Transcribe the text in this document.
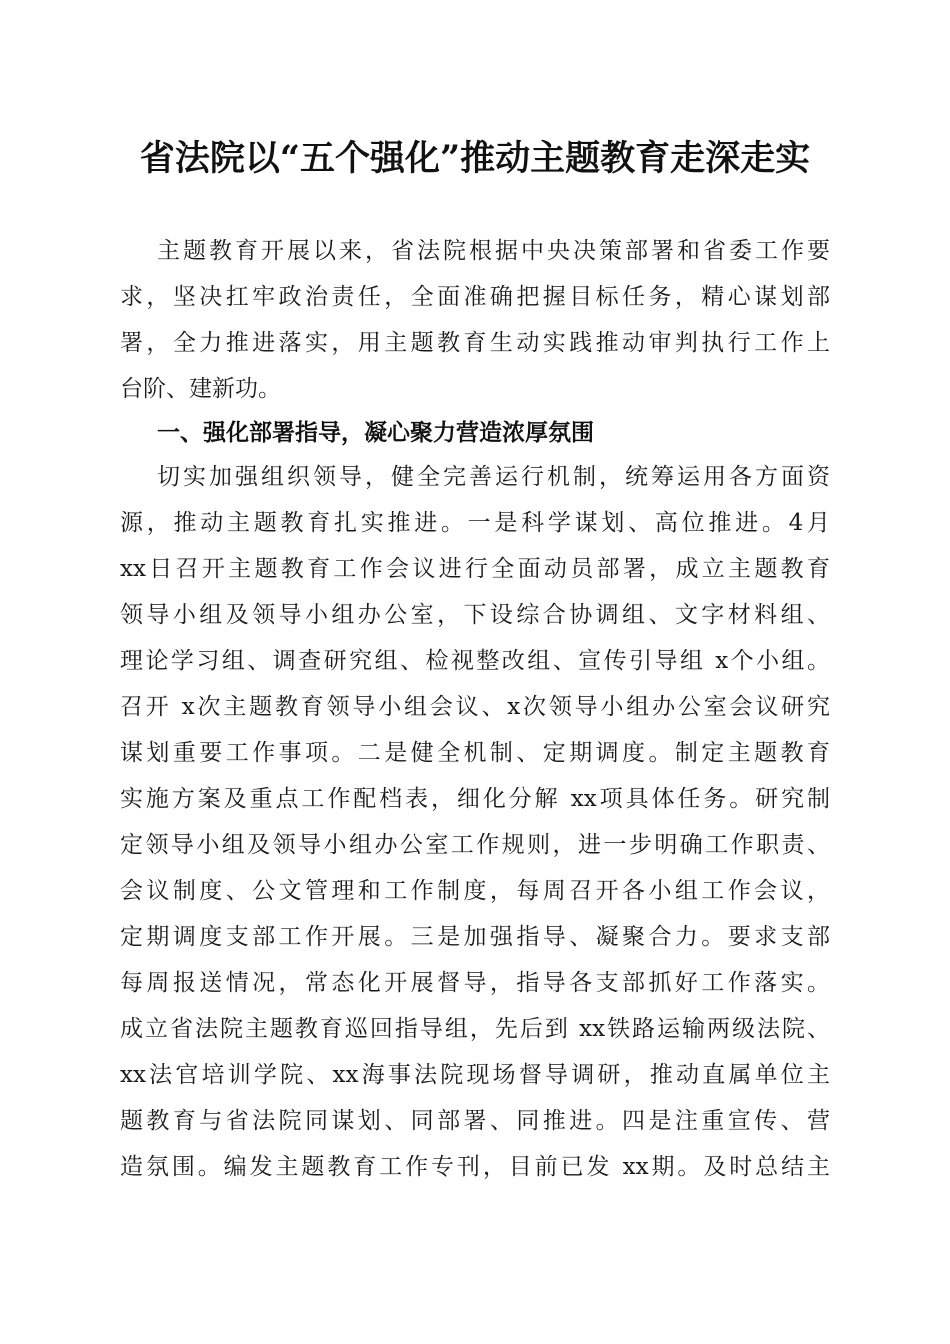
省法院以“五个强化”推动主题教育走深走实
主题教育开展以来，省法院根据中央决策部署和省委工作要
求，坚决扛牢政治责任，全面准确把握目标任务，精心谋划部
署，全力推进落实，用主题教育生动实践推动审判执行工作上
台阶、建新功。
一、强化部署指导，凝心聚力营造浓厚氛围
切实加强组织领导，健全完善运行机制，统筹运用各方面资
源，推动主题教育扎实推进。一是科学谋划、高位推进。4月
xx日召开主题教育工作会议进行全面动员部署，成立主题教育
领导小组及领导小组办公室，下设综合协调组、文字材料组、
理论学习组、调查研究组、检视整改组、宣传引导组 x个小组。
召开 x次主题教育领导小组会议、x次领导小组办公室会议研究
谋划重要工作事项。二是健全机制、定期调度。制定主题教育
实施方案及重点工作配档表，细化分解 xx项具体任务。研究制
定领导小组及领导小组办公室工作规则，进一步明确工作职责、
会议制度、公文管理和工作制度，每周召开各小组工作会议，
定期调度支部工作开展。三是加强指导、凝聚合力。要求支部
每周报送情况，常态化开展督导，指导各支部抓好工作落实。
成立省法院主题教育巡回指导组，先后到 xx铁路运输两级法院、
xx法官培训学院、xx海事法院现场督导调研，推动直属单位主
题教育与省法院同谋划、同部署、同推进。四是注重宣传、营
造氛围。编发主题教育工作专刊，目前已发 xx期。及时总结主
